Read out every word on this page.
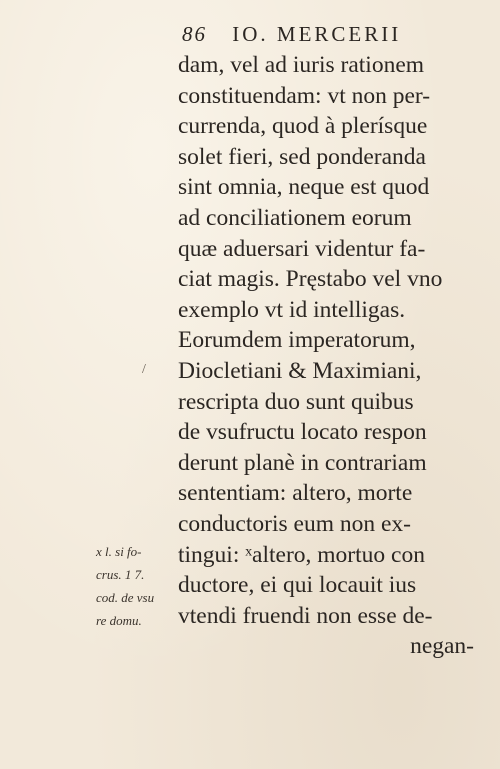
86 IO. MERCERII
dam, vel ad iuris rationem
constituendam: vt non per-
currenda, quod à plerísque
solet fieri, sed ponderanda
sint omnia, neque est quod
ad conciliationem eorum
quæ aduersari videntur fa-
ciat magis. Pręstabo vel vno
exemplo vt id intelligas.
Eorumdem imperatorum,
Diocletiani & Maximiani,
rescripta duo sunt quibus
de vsufructu locato respon
derunt planè in contrariam
sententiam: altero, morte
conductoris eum non ex-
tingui: ˣaltero, mortuo con
ductore, ei qui locauit ius
vtendi fruendi non esse de-
negan-
x l. si fo-
crus. 1 7.
cod. de vsu
re domu.
/
